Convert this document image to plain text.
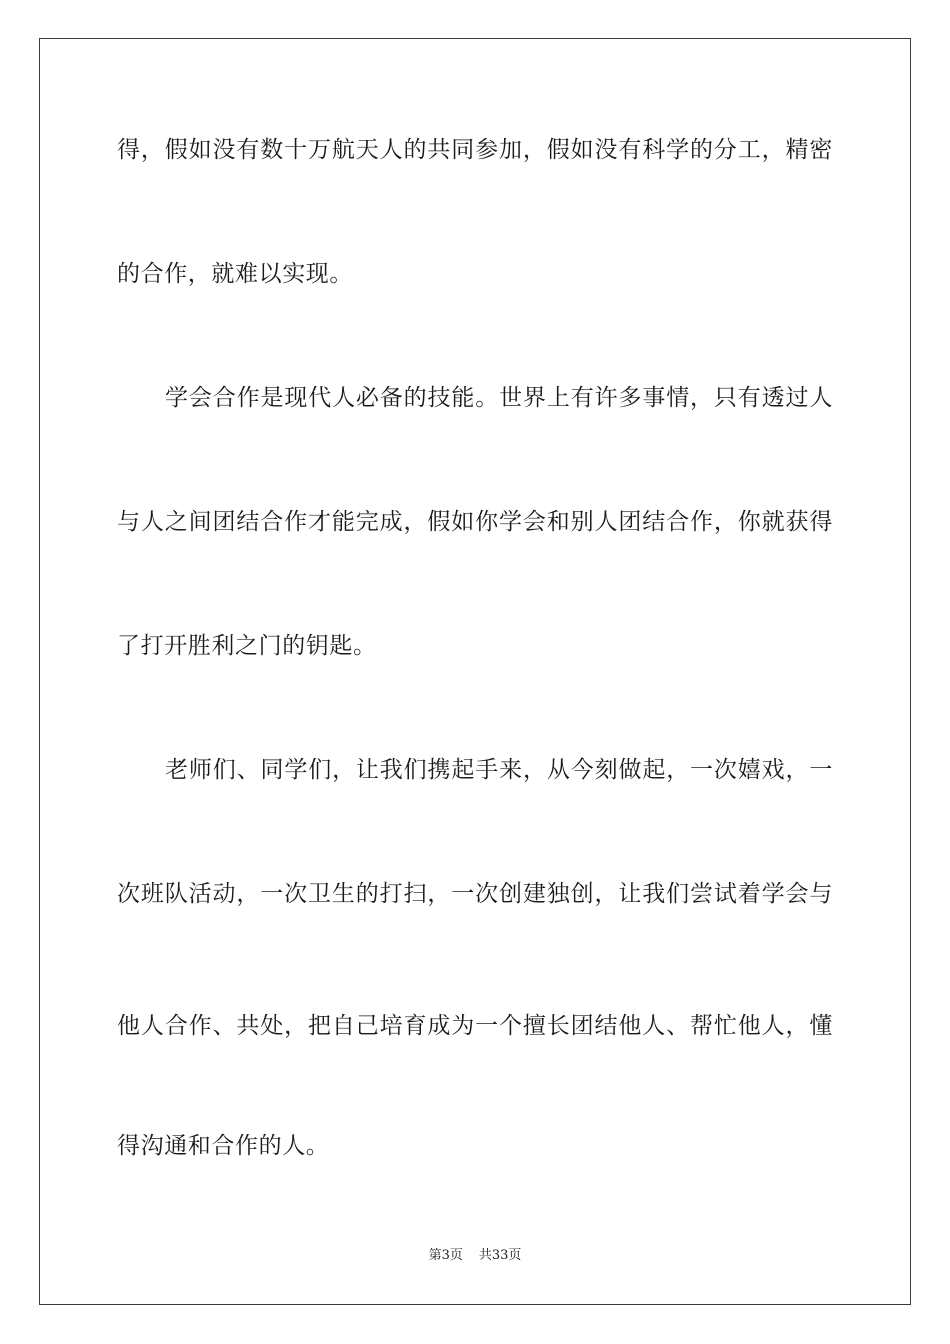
得，假如没有数十万航天人的共同参加，假如没有科学的分工，精密
的合作，就难以实现。
学会合作是现代人必备的技能。世界上有许多事情，只有透过人
与人之间团结合作才能完成，假如你学会和别人团结合作，你就获得
了打开胜利之门的钥匙。
老师们、同学们，让我们携起手来，从今刻做起，一次嬉戏，一
次班队活动，一次卫生的打扫，一次创建独创，让我们尝试着学会与
他人合作、共处，把自己培育成为一个擅长团结他人、帮忙他人，懂
得沟通和合作的人。
第3页 共33页
